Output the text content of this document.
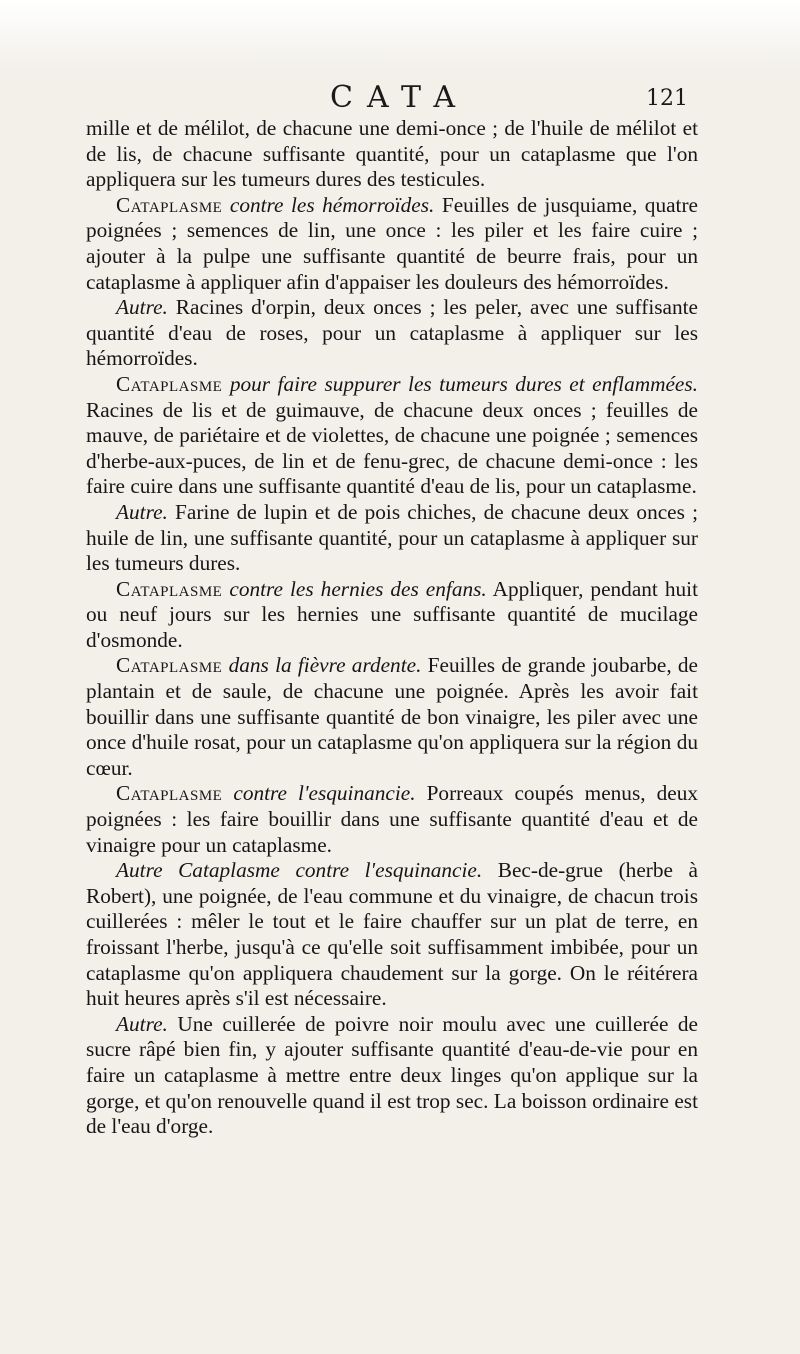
CATA	121

mille et de mélilot, de chacune une demi-once ; de l'huile de mélilot et de lis, de chacune suffisante quantité, pour un cataplasme que l'on appliquera sur les tumeurs dures des testicules.

Cataplasme contre les hémorroïdes. Feuilles de jusquiame, quatre poignées ; semences de lin, une once : les piler et les faire cuire ; ajouter à la pulpe une suffisante quantité de beurre frais, pour un cataplasme à appliquer afin d'appaiser les douleurs des hémorroïdes.

Autre. Racines d'orpin, deux onces ; les peler, avec une suffisante quantité d'eau de roses, pour un cataplasme à appliquer sur les hémorroïdes.

Cataplasme pour faire suppurer les tumeurs dures et enflammées. Racines de lis et de guimauve, de chacune deux onces ; feuilles de mauve, de pariétaire et de violettes, de chacune une poignée ; semences d'herbe-aux-puces, de lin et de fenu-grec, de chacune demi-once : les faire cuire dans une suffisante quantité d'eau de lis, pour un cataplasme.

Autre. Farine de lupin et de pois chiches, de chacune deux onces ; huile de lin, une suffisante quantité, pour un cataplasme à appliquer sur les tumeurs dures.

Cataplasme contre les hernies des enfans. Appliquer, pendant huit ou neuf jours sur les hernies une suffisante quantité de mucilage d'osmonde.

Cataplasme dans la fièvre ardente. Feuilles de grande joubarbe, de plantain et de saule, de chacune une poignée. Après les avoir fait bouillir dans une suffisante quantité de bon vinaigre, les piler avec une once d'huile rosat, pour un cataplasme qu'on appliquera sur la région du cœur.

Cataplasme contre l'esquinancie. Porreaux coupés menus, deux poignées : les faire bouillir dans une suffisante quantité d'eau et de vinaigre pour un cataplasme.

Autre Cataplasme contre l'esquinancie. Bec-de-grue (herbe à Robert), une poignée, de l'eau commune et du vinaigre, de chacun trois cuillerées : mêler le tout et le faire chauffer sur un plat de terre, en froissant l'herbe, jusqu'à ce qu'elle soit suffisamment imbibée, pour un cataplasme qu'on appliquera chaudement sur la gorge. On le réitérera huit heures après s'il est nécessaire.

Autre. Une cuillerée de poivre noir moulu avec une cuillerée de sucre râpé bien fin, y ajouter suffisante quantité d'eau-de-vie pour en faire un cataplasme à mettre entre deux linges qu'on applique sur la gorge, et qu'on renouvelle quand il est trop sec. La boisson ordinaire est de l'eau d'orge.
